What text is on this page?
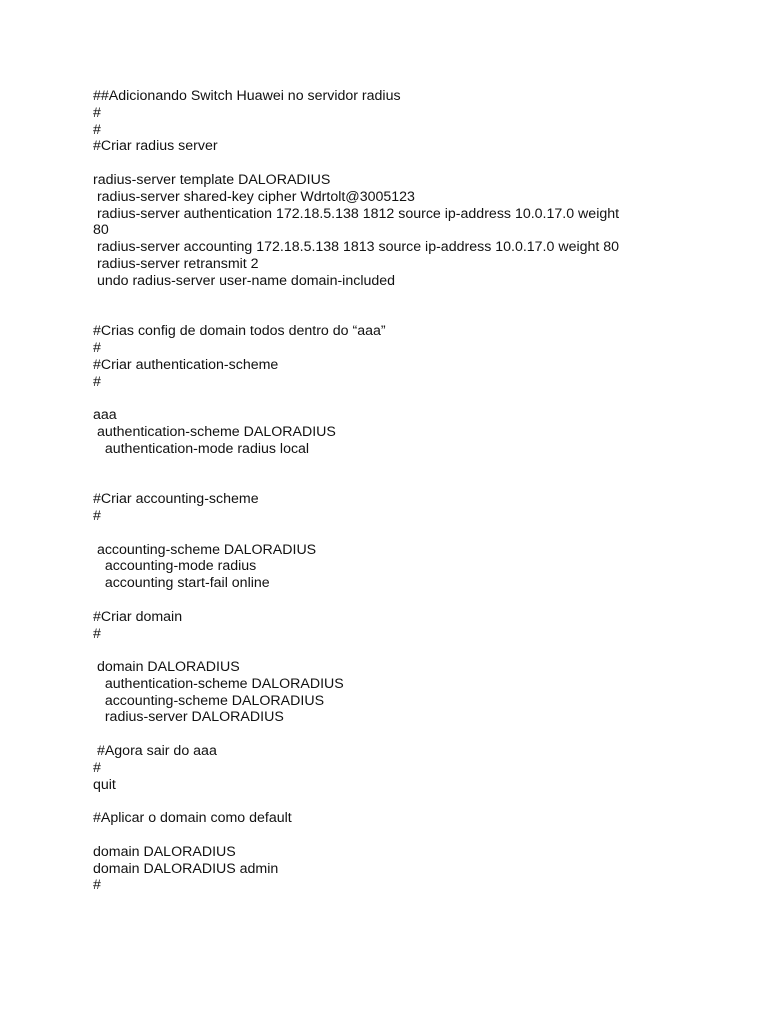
##Adicionando Switch Huawei no servidor radius
#
#
#Criar radius server
radius-server template DALORADIUS
radius-server shared-key cipher Wdrtolt@3005123
radius-server authentication 172.18.5.138 1812 source ip-address 10.0.17.0 weight
80
radius-server accounting 172.18.5.138 1813 source ip-address 10.0.17.0 weight 80
radius-server retransmit 2
undo radius-server user-name domain-included
#Crias config de domain todos dentro do “aaa”
#
#Criar authentication-scheme
#
aaa
authentication-scheme DALORADIUS
authentication-mode radius local
#Criar accounting-scheme
#
accounting-scheme DALORADIUS
accounting-mode radius
accounting start-fail online
#Criar domain
#
domain DALORADIUS
authentication-scheme DALORADIUS
accounting-scheme DALORADIUS
radius-server DALORADIUS
#Agora sair do aaa
#
quit
#Aplicar o domain como default
domain DALORADIUS
domain DALORADIUS admin
#
